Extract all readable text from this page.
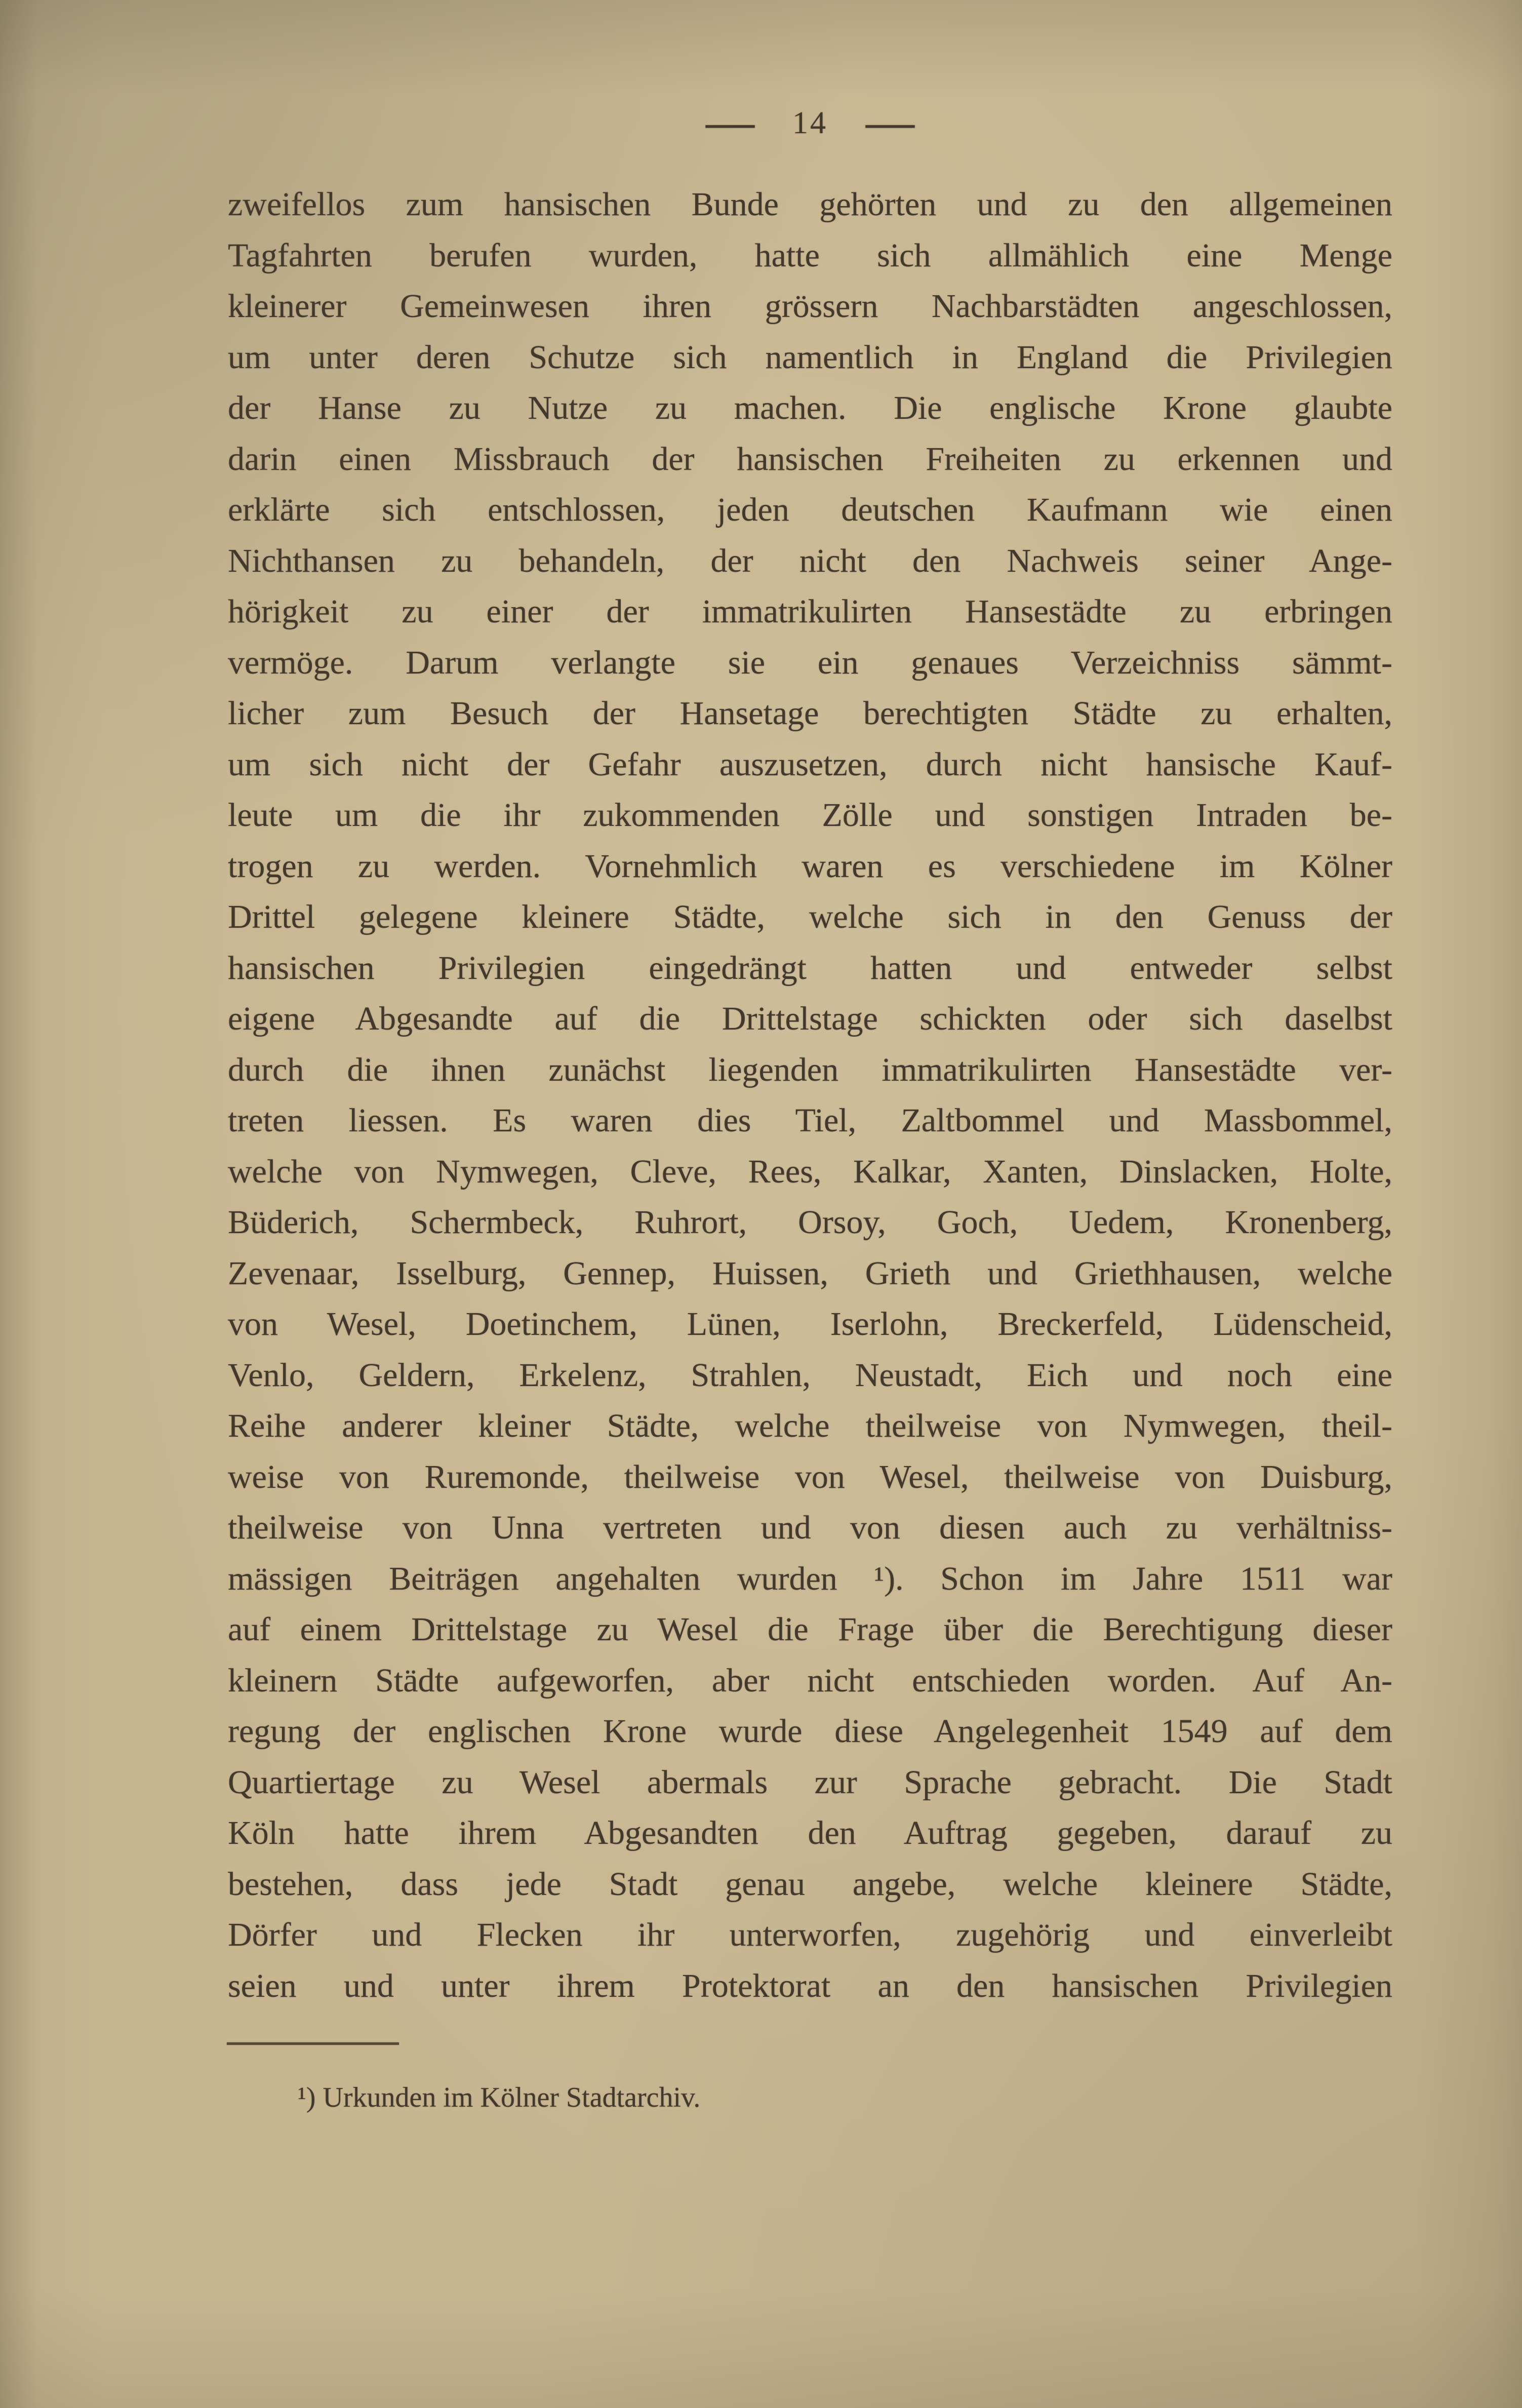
— 14 —
zweifellos zum hansischen Bunde gehörten und zu den allgemeinen
Tagfahrten berufen wurden, hatte sich allmählich eine Menge
kleinerer Gemeinwesen ihren grössern Nachbarstädten angeschlossen,
um unter deren Schutze sich namentlich in England die Privilegien
der Hanse zu Nutze zu machen. Die englische Krone glaubte
darin einen Missbrauch der hansischen Freiheiten zu erkennen und
erklärte sich entschlossen, jeden deutschen Kaufmann wie einen
Nichthansen zu behandeln, der nicht den Nachweis seiner Ange-
hörigkeit zu einer der immatrikulirten Hansestädte zu erbringen
vermöge. Darum verlangte sie ein genaues Verzeichniss sämmt-
licher zum Besuch der Hansetage berechtigten Städte zu erhalten,
um sich nicht der Gefahr auszusetzen, durch nicht hansische Kauf-
leute um die ihr zukommenden Zölle und sonstigen Intraden be-
trogen zu werden. Vornehmlich waren es verschiedene im Kölner
Drittel gelegene kleinere Städte, welche sich in den Genuss der
hansischen Privilegien eingedrängt hatten und entweder selbst
eigene Abgesandte auf die Drittelstage schickten oder sich daselbst
durch die ihnen zunächst liegenden immatrikulirten Hansestädte ver-
treten liessen. Es waren dies Tiel, Zaltbommel und Massbommel,
welche von Nymwegen, Cleve, Rees, Kalkar, Xanten, Dinslacken, Holte,
Büderich, Schermbeck, Ruhrort, Orsoy, Goch, Uedem, Kronenberg,
Zevenaar, Isselburg, Gennep, Huissen, Grieth und Griethhausen, welche
von Wesel, Doetinchem, Lünen, Iserlohn, Breckerfeld, Lüdenscheid,
Venlo, Geldern, Erkelenz, Strahlen, Neustadt, Eich und noch eine
Reihe anderer kleiner Städte, welche theilweise von Nymwegen, theil-
weise von Ruremonde, theilweise von Wesel, theilweise von Duisburg,
theilweise von Unna vertreten und von diesen auch zu verhältniss-
mässigen Beiträgen angehalten wurden ¹). Schon im Jahre 1511 war
auf einem Drittelstage zu Wesel die Frage über die Berechtigung dieser
kleinern Städte aufgeworfen, aber nicht entschieden worden. Auf An-
regung der englischen Krone wurde diese Angelegenheit 1549 auf dem
Quartiertage zu Wesel abermals zur Sprache gebracht. Die Stadt
Köln hatte ihrem Abgesandten den Auftrag gegeben, darauf zu
bestehen, dass jede Stadt genau angebe, welche kleinere Städte,
Dörfer und Flecken ihr unterworfen, zugehörig und einverleibt
seien und unter ihrem Protektorat an den hansischen Privilegien
¹) Urkunden im Kölner Stadtarchiv.
